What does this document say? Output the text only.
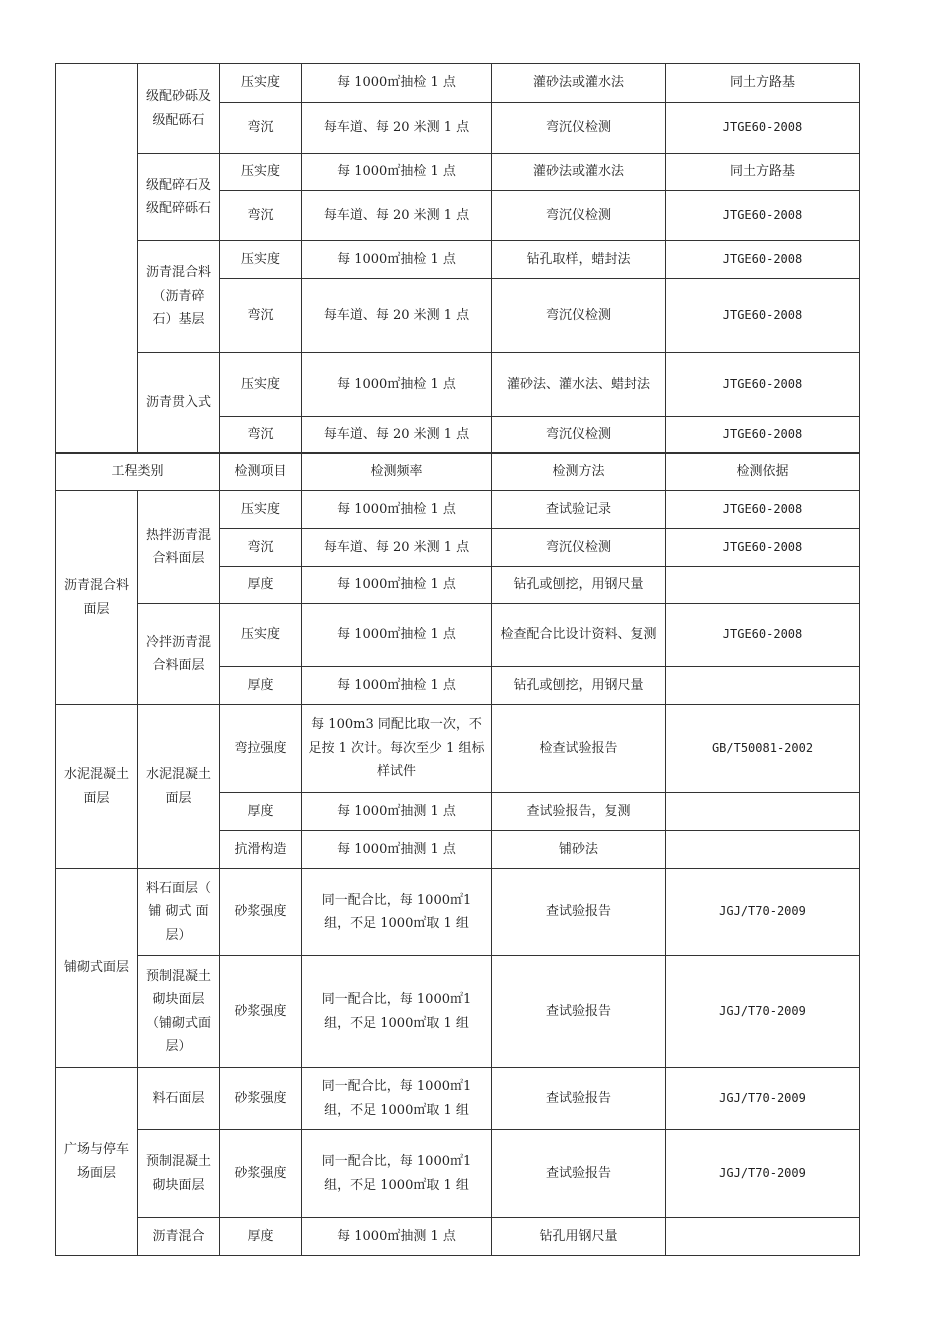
	级配砂砾及级配砾石	压实度	每 1000㎡抽检 1 点	灌砂法或灌水法	同土方路基
		弯沉	每车道、每 20 米测 1 点	弯沉仪检测	JTGE60-2008
	级配碎石及级配碎砾石	压实度	每 1000㎡抽检 1 点	灌砂法或灌水法	同土方路基
		弯沉	每车道、每 20 米测 1 点	弯沉仪检测	JTGE60-2008
	沥青混合料（沥青碎石）基层	压实度	每 1000㎡抽检 1 点	钻孔取样，蜡封法	JTGE60-2008
		弯沉	每车道、每 20 米测 1 点	弯沉仪检测	JTGE60-2008
	沥青贯入式	压实度	每 1000㎡抽检 1 点	灌砂法、灌水法、蜡封法	JTGE60-2008
		弯沉	每车道、每 20 米测 1 点	弯沉仪检测	JTGE60-2008
工程类别		检测项目	检测频率	检测方法	检测依据
沥青混合料面层	热拌沥青混合料面层	压实度	每 1000㎡抽检 1 点	查试验记录	JTGE60-2008
		弯沉	每车道、每 20 米测 1 点	弯沉仪检测	JTGE60-2008
		厚度	每 1000㎡抽检 1 点	钻孔或刨挖，用钢尺量	
	冷拌沥青混合料面层	压实度	每 1000㎡抽检 1 点	检查配合比设计资料、复测	JTGE60-2008
		厚度	每 1000㎡抽检 1 点	钻孔或刨挖，用钢尺量	
水泥混凝土面层	水泥混凝土面层	弯拉强度	每 100m3 同配比取一次，不足按 1 次计。每次至少 1 组标样试件	检查试验报告	GB/T50081-2002
		厚度	每 1000㎡抽测 1 点	查试验报告，复测	
		抗滑构造	每 1000㎡抽测 1 点	铺砂法	
铺砌式面层	料石面层（ 铺 砌式 面层）	砂浆强度	同一配合比，每 1000㎡1 组，不足 1000㎡取 1 组	查试验报告	JGJ/T70-2009
	预制混凝土砌块面层（铺砌式面层）	砂浆强度	同一配合比，每 1000㎡1 组，不足 1000㎡取 1 组	查试验报告	JGJ/T70-2009
广场与停车场面层	料石面层	砂浆强度	同一配合比，每 1000㎡1 组，不足 1000㎡取 1 组	查试验报告	JGJ/T70-2009
	预制混凝土砌块面层	砂浆强度	同一配合比，每 1000㎡1 组，不足 1000㎡取 1 组	查试验报告	JGJ/T70-2009
	沥青混合	厚度	每 1000㎡抽测 1 点	钻孔用钢尺量	
